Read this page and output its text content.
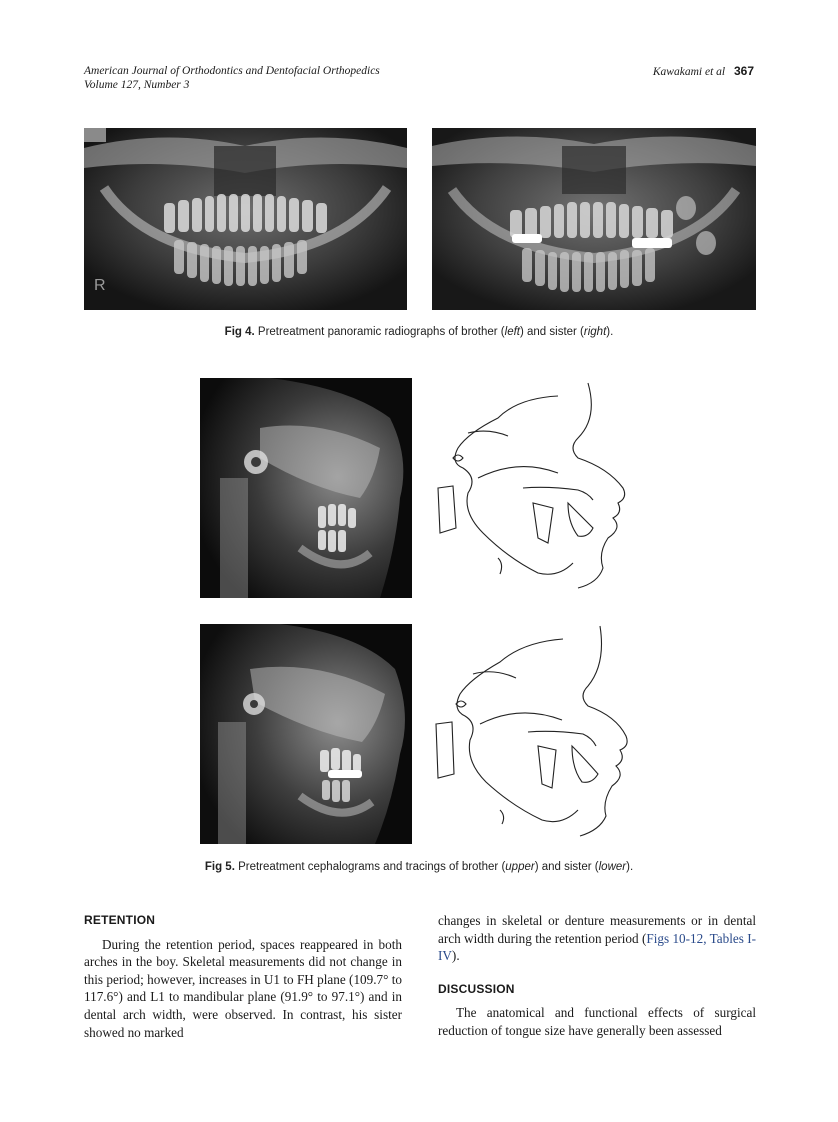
American Journal of Orthodontics and Dentofacial Orthopedics
Volume 127, Number 3
Kawakami et al 367
R
Fig 4. Pretreatment panoramic radiographs of brother (left) and sister (right).
Fig 5. Pretreatment cephalograms and tracings of brother (upper) and sister (lower).
RETENTION

During the retention period, spaces reappeared in both arches in the boy. Skeletal measurements did not change in this period; however, increases in U1 to FH plane (109.7° to 117.6°) and L1 to mandibular plane (91.9° to 97.1°) and in dental arch width, were observed. In contrast, his sister showed no marked

changes in skeletal or denture measurements or in dental arch width during the retention period (Figs 10-12, Tables I-IV).

DISCUSSION

The anatomical and functional effects of surgical reduction of tongue size have generally been assessed
